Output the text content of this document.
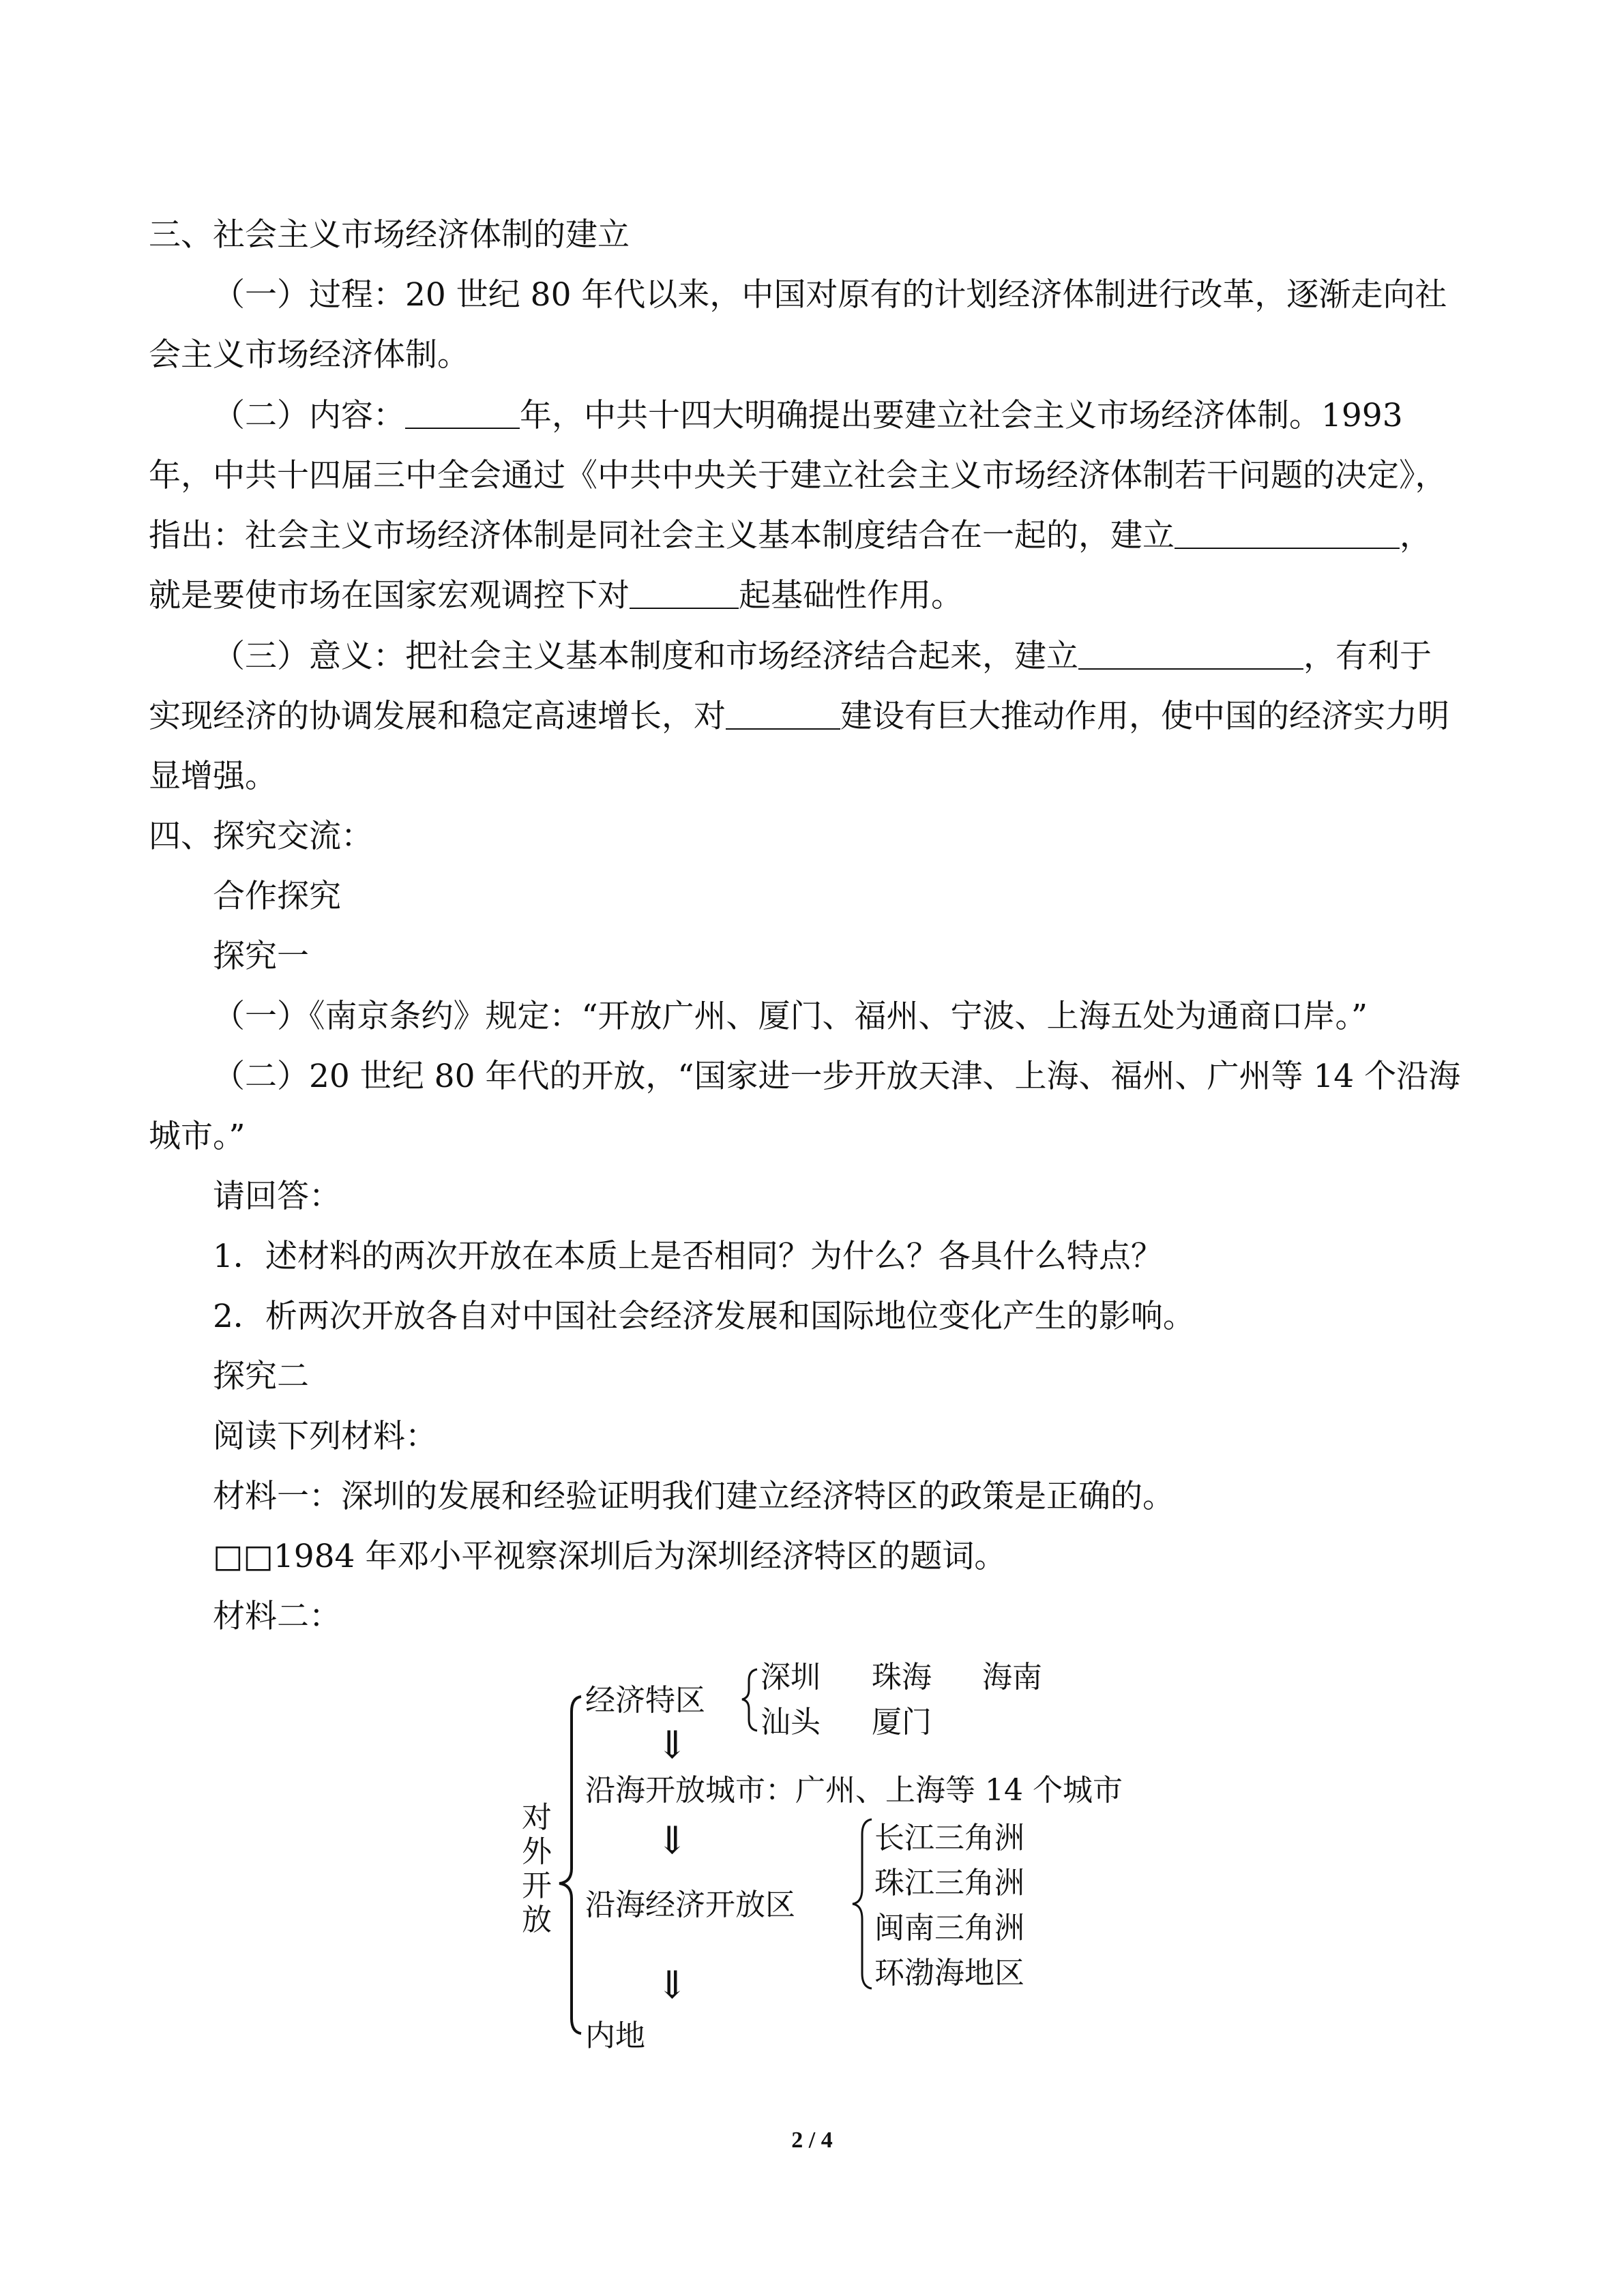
三、社会主义市场经济体制的建立
（一）过程：20 世纪 80 年代以来，中国对原有的计划经济体制进行改革，逐渐走向社
会主义市场经济体制。
（二）内容：	年，中共十四大明确提出要建立社会主义市场经济体制。1993
年，中共十四届三中全会通过《中共中央关于建立社会主义市场经济体制若干问题的决定》，
指出：社会主义市场经济体制是同社会主义基本制度结合在一起的，建立	，
就是要使市场在国家宏观调控下对	起基础性作用。
（三）意义：把社会主义基本制度和市场经济结合起来，建立	，有利于
实现经济的协调发展和稳定高速增长，对	建设有巨大推动作用，使中国的经济实力明
显增强。
四、探究交流：
合作探究
探究一
（一）《南京条约》规定：“开放广州、厦门、福州、宁波、上海五处为通商口岸。”
（二）20 世纪 80 年代的开放，“国家进一步开放天津、上海、福州、广州等 14 个沿海
城市。”
请回答：
1．述材料的两次开放在本质上是否相同？为什么？各具什么特点？
2．析两次开放各自对中国社会经济发展和国际地位变化产生的影响。
探究二
阅读下列材料：
材料一：深圳的发展和经验证明我们建立经济特区的政策是正确的。
□□1984 年邓小平视察深圳后为深圳经济特区的题词。
材料二：
对
外
开
放
经济特区
深圳 珠海 海南
汕头 厦门
⇓
沿海开放城市：广州、上海等 14 个城市
⇓
沿海经济开放区
长江三角洲
珠江三角洲
闽南三角洲
环渤海地区
⇓
内地
2 / 4
